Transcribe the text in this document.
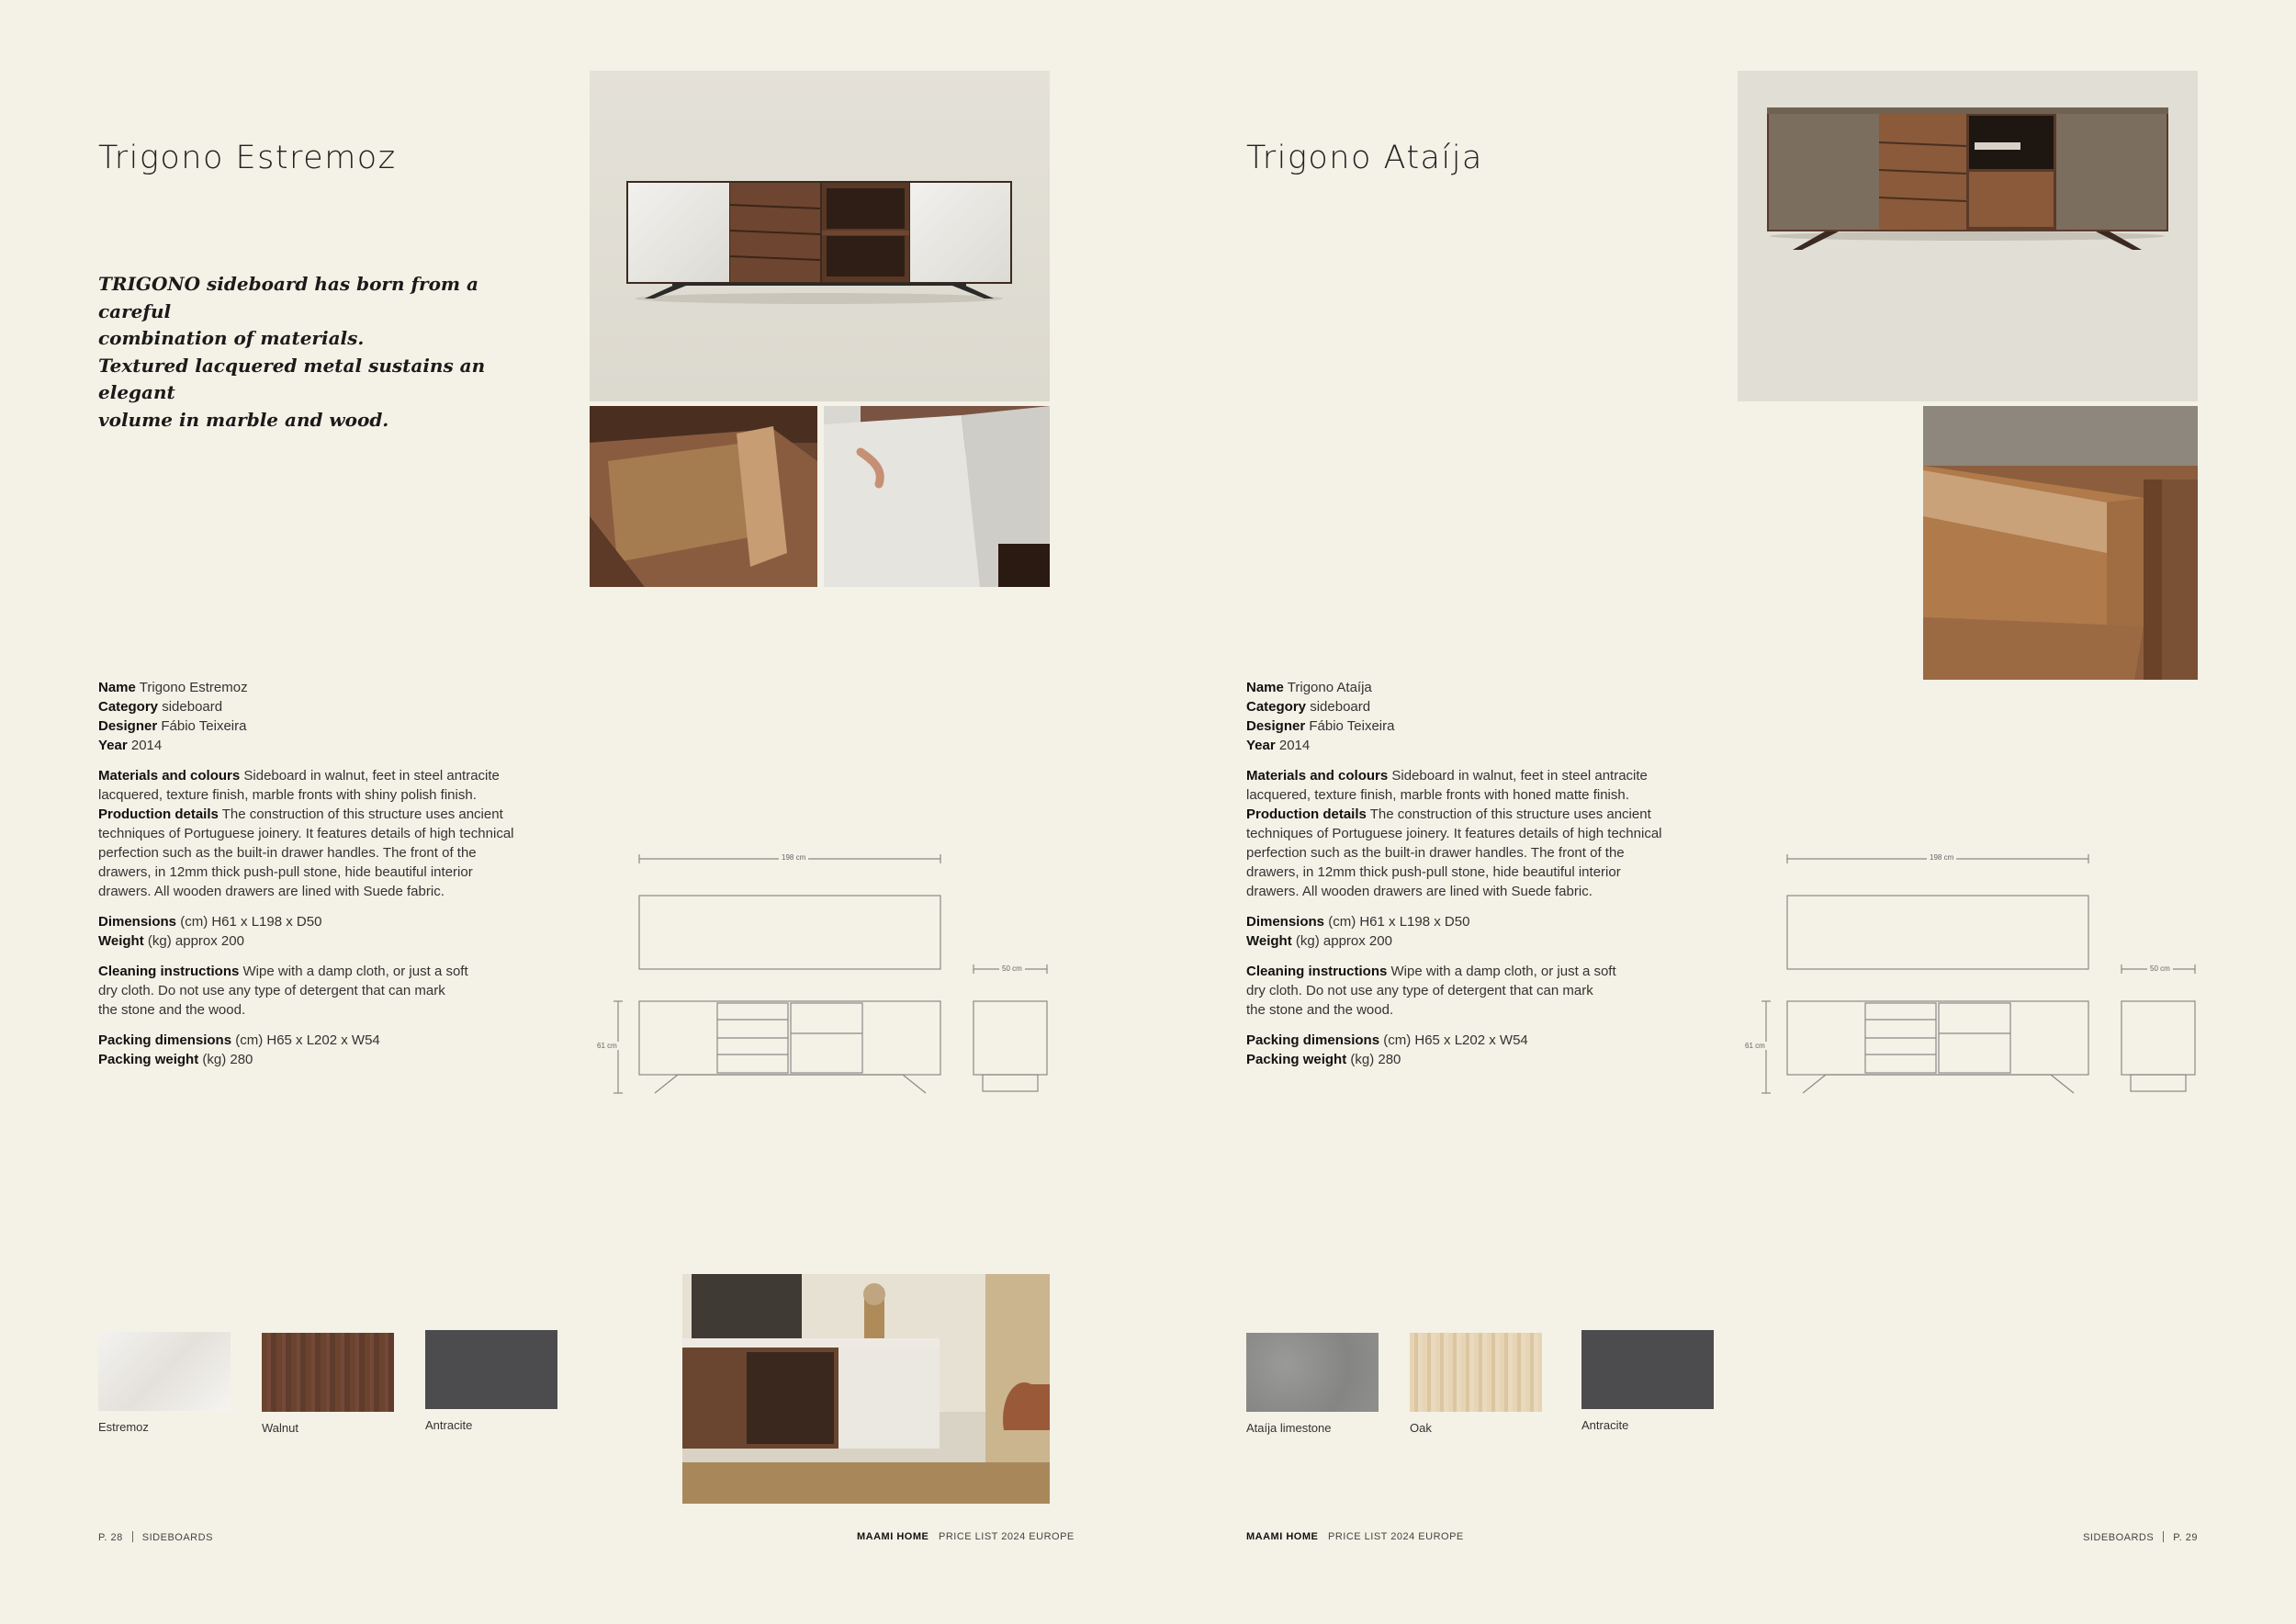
Trigono Estremoz
TRIGONO sideboard has born from a careful
combination of materials.
Textured lacquered metal sustains an elegant
volume in marble and wood.

Name Trigono Estremoz

Category sideboard

Designer Fábio Teixeira

Year 2014

Materials and colours Sideboard in walnut, feet in steel antracite

lacquered, texture finish, marble fronts with shiny polish finish.

Production details The construction of this structure uses ancient

techniques of Portuguese joinery. It features details of high technical

perfection such as the built-in drawer handles. The front of the

drawers, in 12mm thick push-pull stone, hide beautiful interior

drawers. All wooden drawers are lined with Suede fabric.

Dimensions (cm) H61 x L198 x D50

Weight (kg) approx 200

Cleaning instructions Wipe with a damp cloth, or just a soft

dry cloth. Do not use any type of detergent that can mark

the stone and the wood.

Packing dimensions (cm) H65 x L202 x W54

Packing weight (kg) 280

198 cm
50 cm
61 cm
Estremoz	Walnut	Antracite
P. 28 SIDEBOARDS	MAAMI HOME PRICE LIST 2024 EUROPE
Trigono Ataíja

Name Trigono Ataíja

Category sideboard

Designer Fábio Teixeira

Year 2014

Materials and colours Sideboard in walnut, feet in steel antracite

lacquered, texture finish, marble fronts with honed matte finish.

Production details The construction of this structure uses ancient

techniques of Portuguese joinery. It features details of high technical

perfection such as the built-in drawer handles. The front of the

drawers, in 12mm thick push-pull stone, hide beautiful interior

drawers. All wooden drawers are lined with Suede fabric.

Dimensions (cm) H61 x L198 x D50

Weight (kg) approx 200

Cleaning instructions Wipe with a damp cloth, or just a soft

dry cloth. Do not use any type of detergent that can mark

the stone and the wood.

Packing dimensions (cm) H65 x L202 x W54

Packing weight (kg) 280

198 cm
50 cm
61 cm
Ataíja limestone	Oak	Antracite
MAAMI HOME PRICE LIST 2024 EUROPE	SIDEBOARDS P. 29
